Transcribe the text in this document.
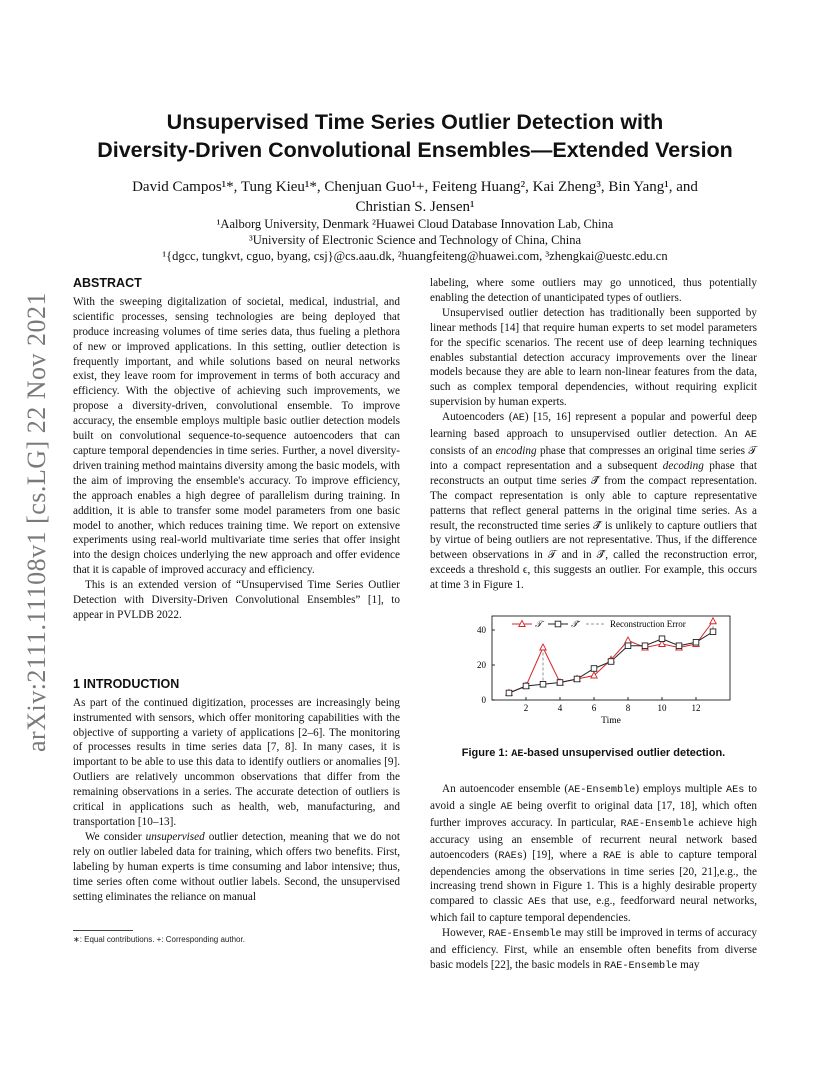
arXiv:2111.11108v1 [cs.LG] 22 Nov 2021
Unsupervised Time Series Outlier Detection with
Diversity-Driven Convolutional Ensembles—Extended Version
David Campos¹*, Tung Kieu¹*, Chenjuan Guo¹+, Feiteng Huang², Kai Zheng³, Bin Yang¹, and
Christian S. Jensen¹
¹Aalborg University, Denmark ²Huawei Cloud Database Innovation Lab, China
³University of Electronic Science and Technology of China, China
¹{dgcc, tungkvt, cguo, byang, csj}@cs.aau.dk, ²huangfeiteng@huawei.com, ³zhengkai@uestc.edu.cn
ABSTRACT

With the sweeping digitalization of societal, medical, industrial, and scientific processes, sensing technologies are being deployed that produce increasing volumes of time series data, thus fueling a plethora of new or improved applications. In this setting, outlier detection is frequently important, and while solutions based on neural networks exist, they leave room for improvement in terms of both accuracy and efficiency. With the objective of achieving such improvements, we propose a diversity-driven, convolutional ensemble. To improve accuracy, the ensemble employs multiple basic outlier detection models built on convolutional sequence-to-sequence autoencoders that can capture temporal dependencies in time series. Further, a novel diversity-driven training method maintains diversity among the basic models, with the aim of improving the ensemble's accuracy. To improve efficiency, the approach enables a high degree of parallelism during training. In addition, it is able to transfer some model parameters from one basic model to another, which reduces training time. We report on extensive experiments using real-world multivariate time series that offer insight into the design choices underlying the new approach and offer evidence that it is capable of improved accuracy and efficiency.

This is an extended version of “Unsupervised Time Series Outlier Detection with Diversity-Driven Convolutional Ensembles” [1], to appear in PVLDB 2022.

1 INTRODUCTION

As part of the continued digitization, processes are increasingly being instrumented with sensors, which offer monitoring capabilities with the objective of supporting a variety of applications [2–6]. The monitoring of processes results in time series data [7, 8]. In many cases, it is important to be able to use this data to identify outliers or anomalies [9]. Outliers are relatively uncommon observations that differ from the remaining observations in a series. The accurate detection of outliers is critical in applications such as health, web, manufacturing, and transportation [10–13].

We consider unsupervised outlier detection, meaning that we do not rely on outlier labeled data for training, which offers two benefits. First, labeling by human experts is time consuming and labor intensive; thus, time series often come without outlier labels. Second, the unsupervised setting eliminates the reliance on manual

∗: Equal contributions. +: Corresponding author.

labeling, where some outliers may go unnoticed, thus potentially enabling the detection of unanticipated types of outliers.

Unsupervised outlier detection has traditionally been supported by linear methods [14] that require human experts to set model parameters for the specific scenarios. The recent use of deep learning techniques enables substantial detection accuracy improvements over the linear models because they are able to learn non-linear features from the data, such as complex temporal dependencies, without requiring explicit supervision by human experts.

Autoencoders (AE) [15, 16] represent a popular and powerful deep learning based approach to unsupervised outlier detection. An AE consists of an encoding phase that compresses an original time series 𝒯 into a compact representation and a subsequent decoding phase that reconstructs an output time series 𝒯̂ from the compact representation. The compact representation is only able to capture representative patterns that reflect general patterns in the original time series. As a result, the reconstructed time series 𝒯̂ is unlikely to capture outliers that by virtue of being outliers are not representative. Thus, if the difference between observations in 𝒯 and in 𝒯̂, called the reconstruction error, exceeds a threshold ϵ, this suggests an outlier. For example, this occurs at time 3 in Figure 1.

0
20
40
2	4	6	8	10	12
Time
𝒯	𝒯̂	Reconstruction Error
Figure 1: AE-based unsupervised outlier detection.

An autoencoder ensemble (AE-Ensemble) employs multiple AEs to avoid a single AE being overfit to original data [17, 18], which often further improves accuracy. In particular, RAE-Ensemble achieve high accuracy using an ensemble of recurrent neural network based autoencoders (RAEs) [19], where a RAE is able to capture temporal dependencies among the observations in time series [20, 21],e.g., the increasing trend shown in Figure 1. This is a highly desirable property compared to classic AEs that use, e.g., feedforward neural networks, which fail to capture temporal dependencies.

However, RAE-Ensemble may still be improved in terms of accuracy and efficiency. First, while an ensemble often benefits from diverse basic models [22], the basic models in RAE-Ensemble may
